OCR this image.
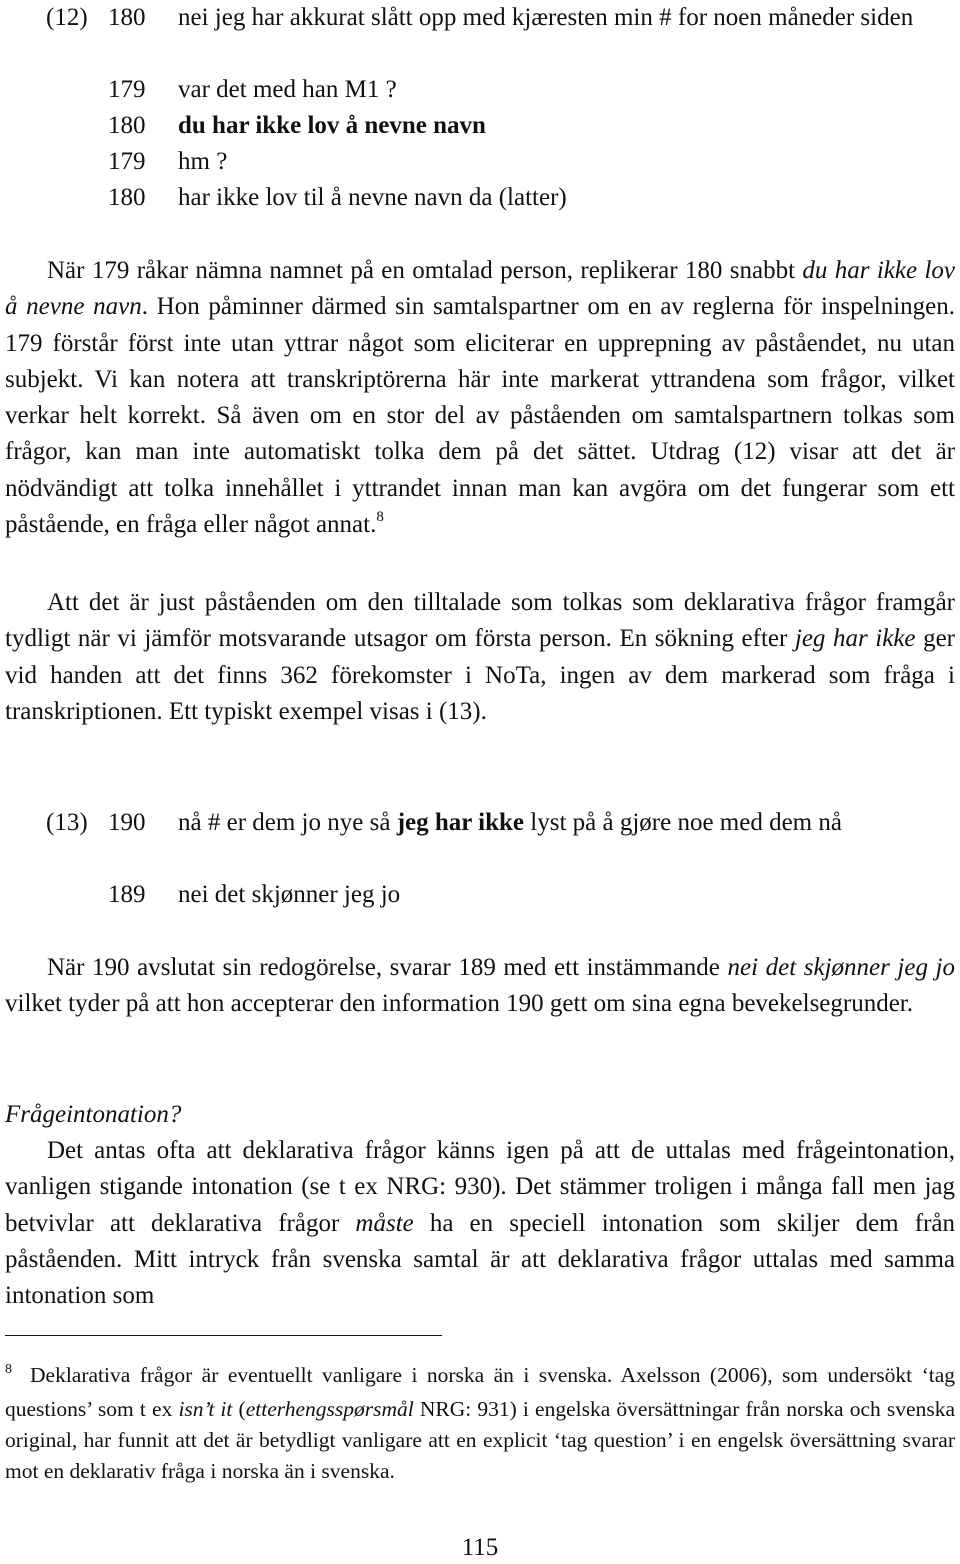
(12) 180 nei jeg har akkurat slått opp med kjæresten min # for noen måneder siden
179 var det med han M1 ?
180 du har ikke lov å nevne navn
179 hm ?
180 har ikke lov til å nevne navn da (latter)

När 179 råkar nämna namnet på en omtalad person, replikerar 180 snabbt du har ikke lov å nevne navn. Hon påminner därmed sin samtalspartner om en av reglerna för inspelningen. 179 förstår först inte utan yttrar något som eliciterar en upprepning av påståendet, nu utan subjekt. Vi kan notera att transkriptörerna här inte markerat yttrandena som frågor, vilket verkar helt korrekt. Så även om en stor del av påståenden om samtalspartnern tolkas som frågor, kan man inte automatiskt tolka dem på det sättet. Utdrag (12) visar att det är nödvändigt att tolka innehållet i yttrandet innan man kan avgöra om det fungerar som ett påstående, en fråga eller något annat.$^8$

Att det är just påståenden om den tilltalade som tolkas som deklarativa frågor framgår tydligt när vi jämför motsvarande utsagor om första person. En sökning efter jeg har ikke ger vid handen att det finns 362 förekomster i NoTa, ingen av dem markerad som fråga i transkriptionen. Ett typiskt exempel visas i (13).

(13) 190 nå # er dem jo nye så jeg har ikke lyst på å gjøre noe med dem nå
189 nei det skjønner jeg jo

När 190 avslutat sin redogörelse, svarar 189 med ett instämmande nei det skjønner jeg jo vilket tyder på att hon accepterar den information 190 gett om sina egna bevekelsegrunder.

Frågeintonation?

Det antas ofta att deklarativa frågor känns igen på att de uttalas med frågeintonation, vanligen stigande intonation (se t ex NRG: 930). Det stämmer troligen i många fall men jag betvivlar att deklarativa frågor måste ha en speciell intonation som skiljer dem från påståenden. Mitt intryck från svenska samtal är att deklarativa frågor uttalas med samma intonation som

$^8$ Deklarativa frågor är eventuellt vanligare i norska än i svenska. Axelsson (2006), som undersökt ‘tag questions’ som t ex isn’t it (etterhengsspørsmål NRG: 931) i engelska översättningar från norska och svenska original, har funnit att det är betydligt vanligare att en explicit ‘tag question’ i en engelsk översättning svarar mot en deklarativ fråga i norska än i svenska.

115
